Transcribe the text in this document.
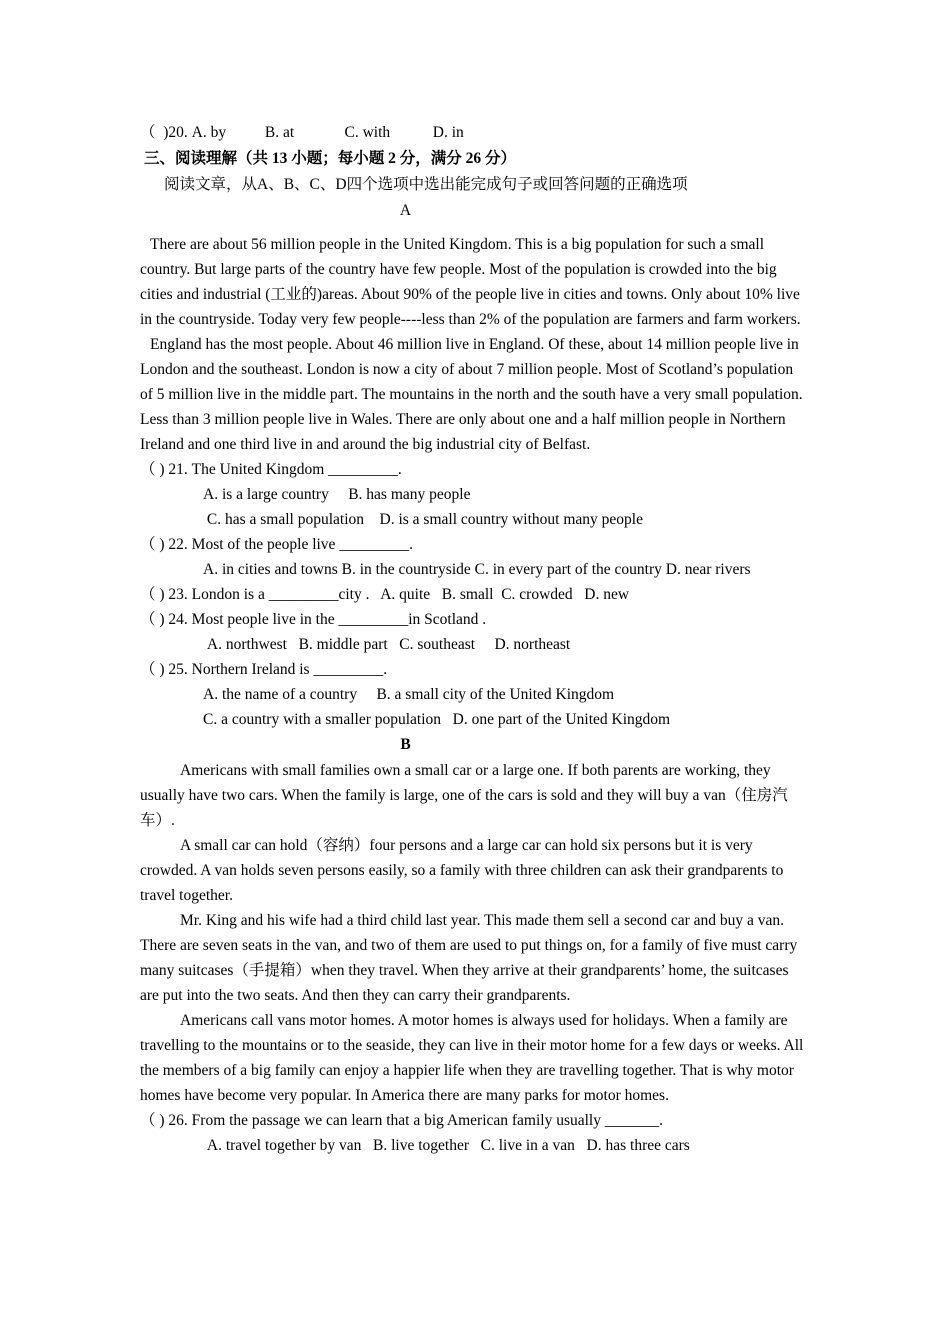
（  )20. A. by          B. at             C. with           D. in
三、阅读理解（共 13 小题；每小题 2 分，满分 26 分）
阅读文章，从A、B、C、D四个选项中选出能完成句子或回答问题的正确选项
A

There are about 56 million people in the United Kingdom. This is a big population for such a small country. But large parts of the country have few people. Most of the population is crowded into the big cities and industrial (工业的)areas. About 90% of the people live in cities and towns. Only about 10% live in the countryside. Today very few people----less than 2% of the population are farmers and farm workers.

England has the most people. About 46 million live in England. Of these, about 14 million people live in London and the southeast. London is now a city of about 7 million people. Most of Scotland’s population of 5 million live in the middle part. The mountains in the north and the south have a very small population. Less than 3 million people live in Wales. There are only about one and a half million people in Northern Ireland and one third live in and around the big industrial city of Belfast.

（ ) 21. The United Kingdom _________.
A. is a large country     B. has many people
C. has a small population    D. is a small country without many people
（ ) 22. Most of the people live _________.
A. in cities and towns B. in the countryside C. in every part of the country D. near rivers
（ ) 23. London is a _________city .   A. quite   B. small  C. crowded   D. new
（ ) 24. Most people live in the _________in Scotland .
A. northwest   B. middle part   C. southeast     D. northeast
（ ) 25. Northern Ireland is _________.
A. the name of a country     B. a small city of the United Kingdom
C. a country with a smaller population   D. one part of the United Kingdom
B

Americans with small families own a small car or a large one. If both parents are working, they usually have two cars. When the family is large, one of the cars is sold and they will buy a van（住房汽车）.

A small car can hold（容纳）four persons and a large car can hold six persons but it is very crowded. A van holds seven persons easily, so a family with three children can ask their grandparents to travel together.

Mr. King and his wife had a third child last year. This made them sell a second car and buy a van. There are seven seats in the van, and two of them are used to put things on, for a family of five must carry many suitcases（手提箱）when they travel. When they arrive at their grandparents’ home, the suitcases are put into the two seats. And then they can carry their grandparents.

Americans call vans motor homes. A motor homes is always used for holidays. When a family are travelling to the mountains or to the seaside, they can live in their motor home for a few days or weeks. All the members of a big family can enjoy a happier life when they are travelling together. That is why motor homes have become very popular. In America there are many parks for motor homes.

（ ) 26. From the passage we can learn that a big American family usually _______.
A. travel together by van   B. live together   C. live in a van   D. has three cars
